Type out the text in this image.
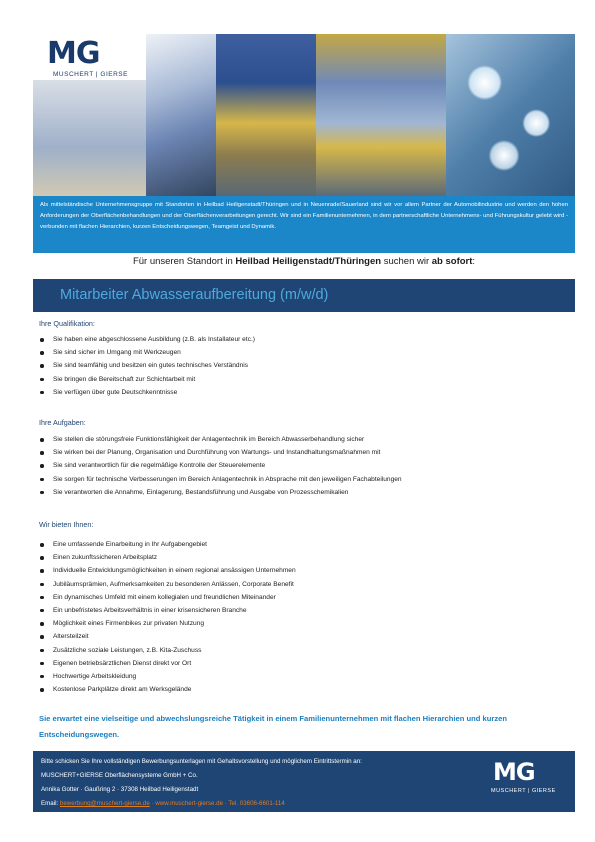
MG
MUSCHERT | GIERSE
Als mittelständische Unternehmensgruppe mit Standorten in Heilbad Heiligenstadt/Thüringen und in Neuenrade/Sauerland sind wir vor allem Partner der Automobilindustrie und werden den hohen Anforderungen der Oberflächenbehandlungen und der Oberflächenverarbeitungen gerecht. Wir sind ein Familienunternehmen, in dem partnerschaftliche Unternehmens- und Führungskultur gelebt wird - verbunden mit flachen Hierarchien, kurzen Entscheidungswegen, Teamgeist und Dynamik.
Für unseren Standort in Heilbad Heiligenstadt/Thüringen suchen wir ab sofort:
Mitarbeiter Abwasseraufbereitung (m/w/d)
Ihre Qualifikation:
Sie haben eine abgeschlossene Ausbildung (z.B. als Installateur etc.)
Sie sind sicher im Umgang mit Werkzeugen
Sie sind teamfähig und besitzen ein gutes technisches Verständnis
Sie bringen die Bereitschaft zur Schichtarbeit mit
Sie verfügen über gute Deutschkenntnisse
Ihre Aufgaben:
Sie stellen die störungsfreie Funktionsfähigkeit der Anlagentechnik im Bereich Abwasserbehandlung sicher
Sie wirken bei der Planung, Organisation und Durchführung von Wartungs- und Instandhaltungsmaßnahmen mit
Sie sind verantwortlich für die regelmäßige Kontrolle der Steuerelemente
Sie sorgen für technische Verbesserungen im Bereich Anlagentechnik in Absprache mit den jeweiligen Fachabteilungen
Sie verantworten die Annahme, Einlagerung, Bestandsführung und Ausgabe von Prozesschemikalien
Wir bieten Ihnen:
Eine umfassende Einarbeitung in Ihr Aufgabengebiet
Einen zukunftssicheren Arbeitsplatz
Individuelle Entwicklungsmöglichkeiten in einem regional ansässigen Unternehmen
Jubiläumsprämien, Aufmerksamkeiten zu besonderen Anlässen, Corporate Benefit
Ein dynamisches Umfeld mit einem kollegialen und freundlichen Miteinander
Ein unbefristetes Arbeitsverhältnis in einer krisensicheren Branche
Möglichkeit eines Firmenbikes zur privaten Nutzung
Altersteilzeit
Zusätzliche soziale Leistungen, z.B. Kita-Zuschuss
Eigenen betriebsärztlichen Dienst direkt vor Ort
Hochwertige Arbeitskleidung
Kostenlose Parkplätze direkt am Werksgelände
Sie erwartet eine vielseitige und abwechslungsreiche Tätigkeit in einem Familienunternehmen mit flachen Hierarchien und kurzen Entscheidungswegen.
Bitte schicken Sie Ihre vollständigen Bewerbungsunterlagen mit Gehaltsvorstellung und möglichem Eintrittstermin an:
MUSCHERT+GIERSE Oberflächensysteme GmbH + Co.
Annika Gotter · Gaußring 2 · 37308 Heilbad Heiligenstadt
Email: bewerbung@muschert-gierse.de · www.muschert-gierse.de · Tel. 03606-6601-114
MG
MUSCHERT | GIERSE
